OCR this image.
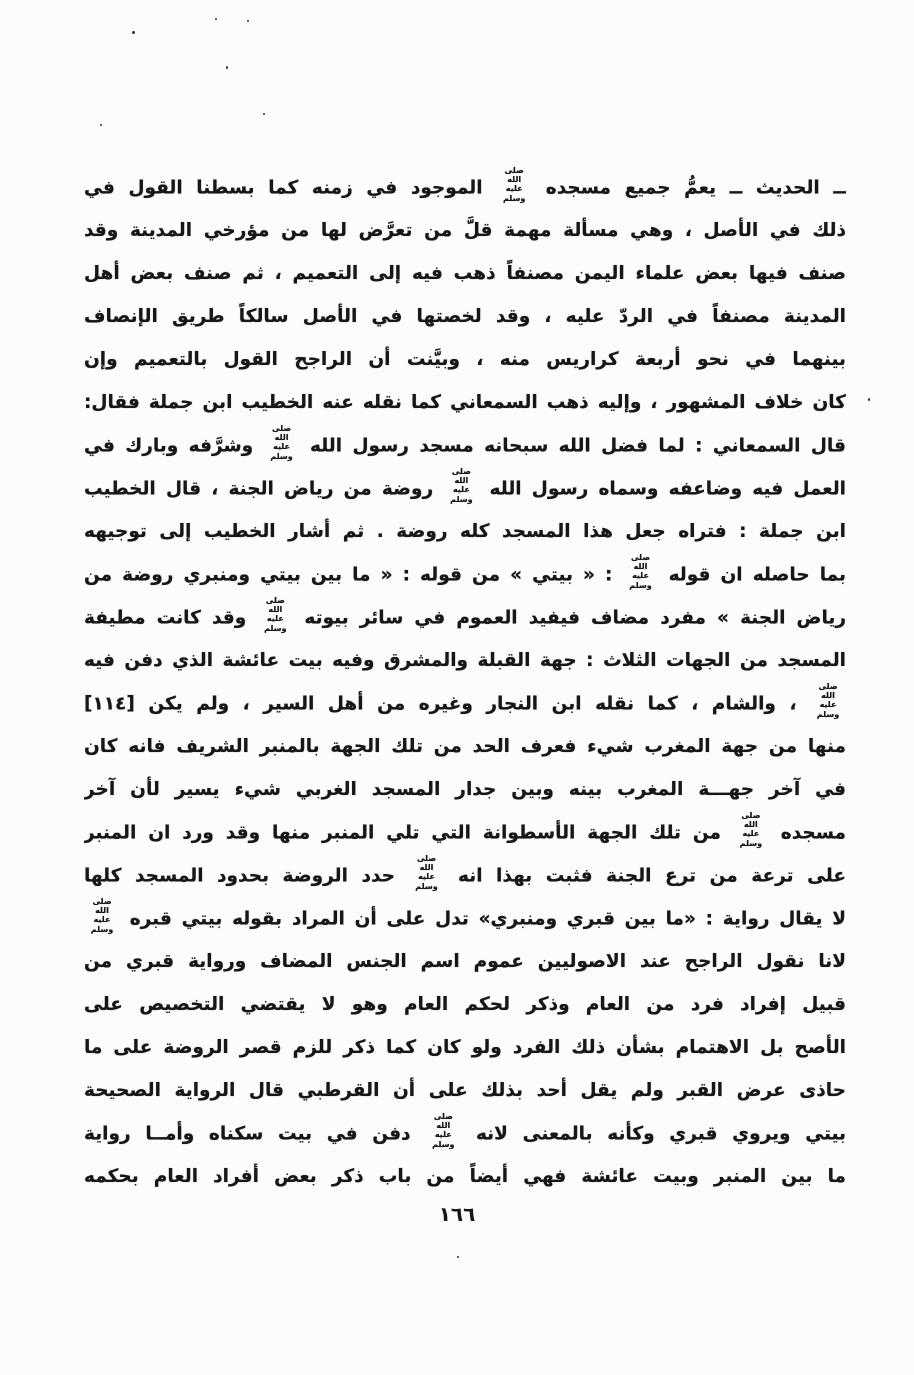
ــ الحديث ــ يعمُّ جميع مسجده
صلّى الله
عليه وسلم
الموجود في زمنه كما بسطنا القول في
ذلك في الأصل ، وهي مسألة مهمة قلَّ من تعرَّض لها من مؤرخي المدينة وقد
صنف فيها بعض علماء اليمن مصنفاً ذهب فيه إلى التعميم ، ثم صنف بعض أهل
المدينة مصنفاً في الردّ عليه ، وقد لخصتها في الأصل سالكاً طريق الإنصاف
بينهما في نحو أربعة كراريس منه ، وبيَّنت أن الراجح القول بالتعميم وإن
كان خلاف المشهور ، وإليه ذهب السمعاني كما نقله عنه الخطيب ابن جملة فقال:
قال السمعاني : لما فضل الله سبحانه مسجد رسول الله
صلّى الله
عليه وسلم
وشرَّفه وبارك في
العمل فيه وضاعفه وسماه رسول الله
صلّى الله
عليه وسلم
روضة من رياض الجنة ، قال الخطيب
ابن جملة : فتراه جعل هذا المسجد كله روضة . ثم أشار الخطيب إلى توجيهه
بما حاصله ان قوله
صلّى الله
عليه وسلم
: « بيتي » من قوله : « ما بين بيتي ومنبري روضة من
رياض الجنة » مفرد مضاف فيفيد العموم في سائر بيوته
صلّى الله
عليه وسلم
وقد كانت مطيفة
المسجد من الجهات الثلاث : جهة القبلة والمشرق وفيه بيت عائشة الذي دفن فيه
صلّى الله
عليه وسلم
، والشام ، كما نقله ابن النجار وغيره من أهل السير ، ولم يكن [١١٤]
منها من جهة المغرب شيء فعرف الحد من تلك الجهة بالمنبر الشريف فانه كان
في آخر جهـــة المغرب بينه وبين جدار المسجد الغربي شيء يسير لأن آخر
مسجده
صلّى الله
عليه وسلم
من تلك الجهة الأسطوانة التي تلي المنبر منها وقد ورد ان المنبر
على ترعة من ترع الجنة فثبت بهذا انه
صلّى الله
عليه وسلم
حدد الروضة بحدود المسجد كلها
لا يقال رواية : «ما بين قبري ومنبري» تدل على أن المراد بقوله بيتي قبره
صلّى الله
عليه وسلم
لانا نقول الراجح عند الاصوليين عموم اسم الجنس المضاف ورواية قبري من
قبيل إفراد فرد من العام وذكر لحكم العام وهو لا يقتضي التخصيص على
الأصح بل الاهتمام بشأن ذلك الفرد ولو كان كما ذكر للزم قصر الروضة على ما
حاذى عرض القبر ولم يقل أحد بذلك على أن القرطبي قال الرواية الصحيحة
بيتي ويروي قبري وكأنه بالمعنى لانه
صلّى الله
عليه وسلم
دفن في بيت سكناه وأمــا رواية
ما بين المنبر وبيت عائشة فهي أيضاً من باب ذكر بعض أفراد العام بحكمه
١٦٦
